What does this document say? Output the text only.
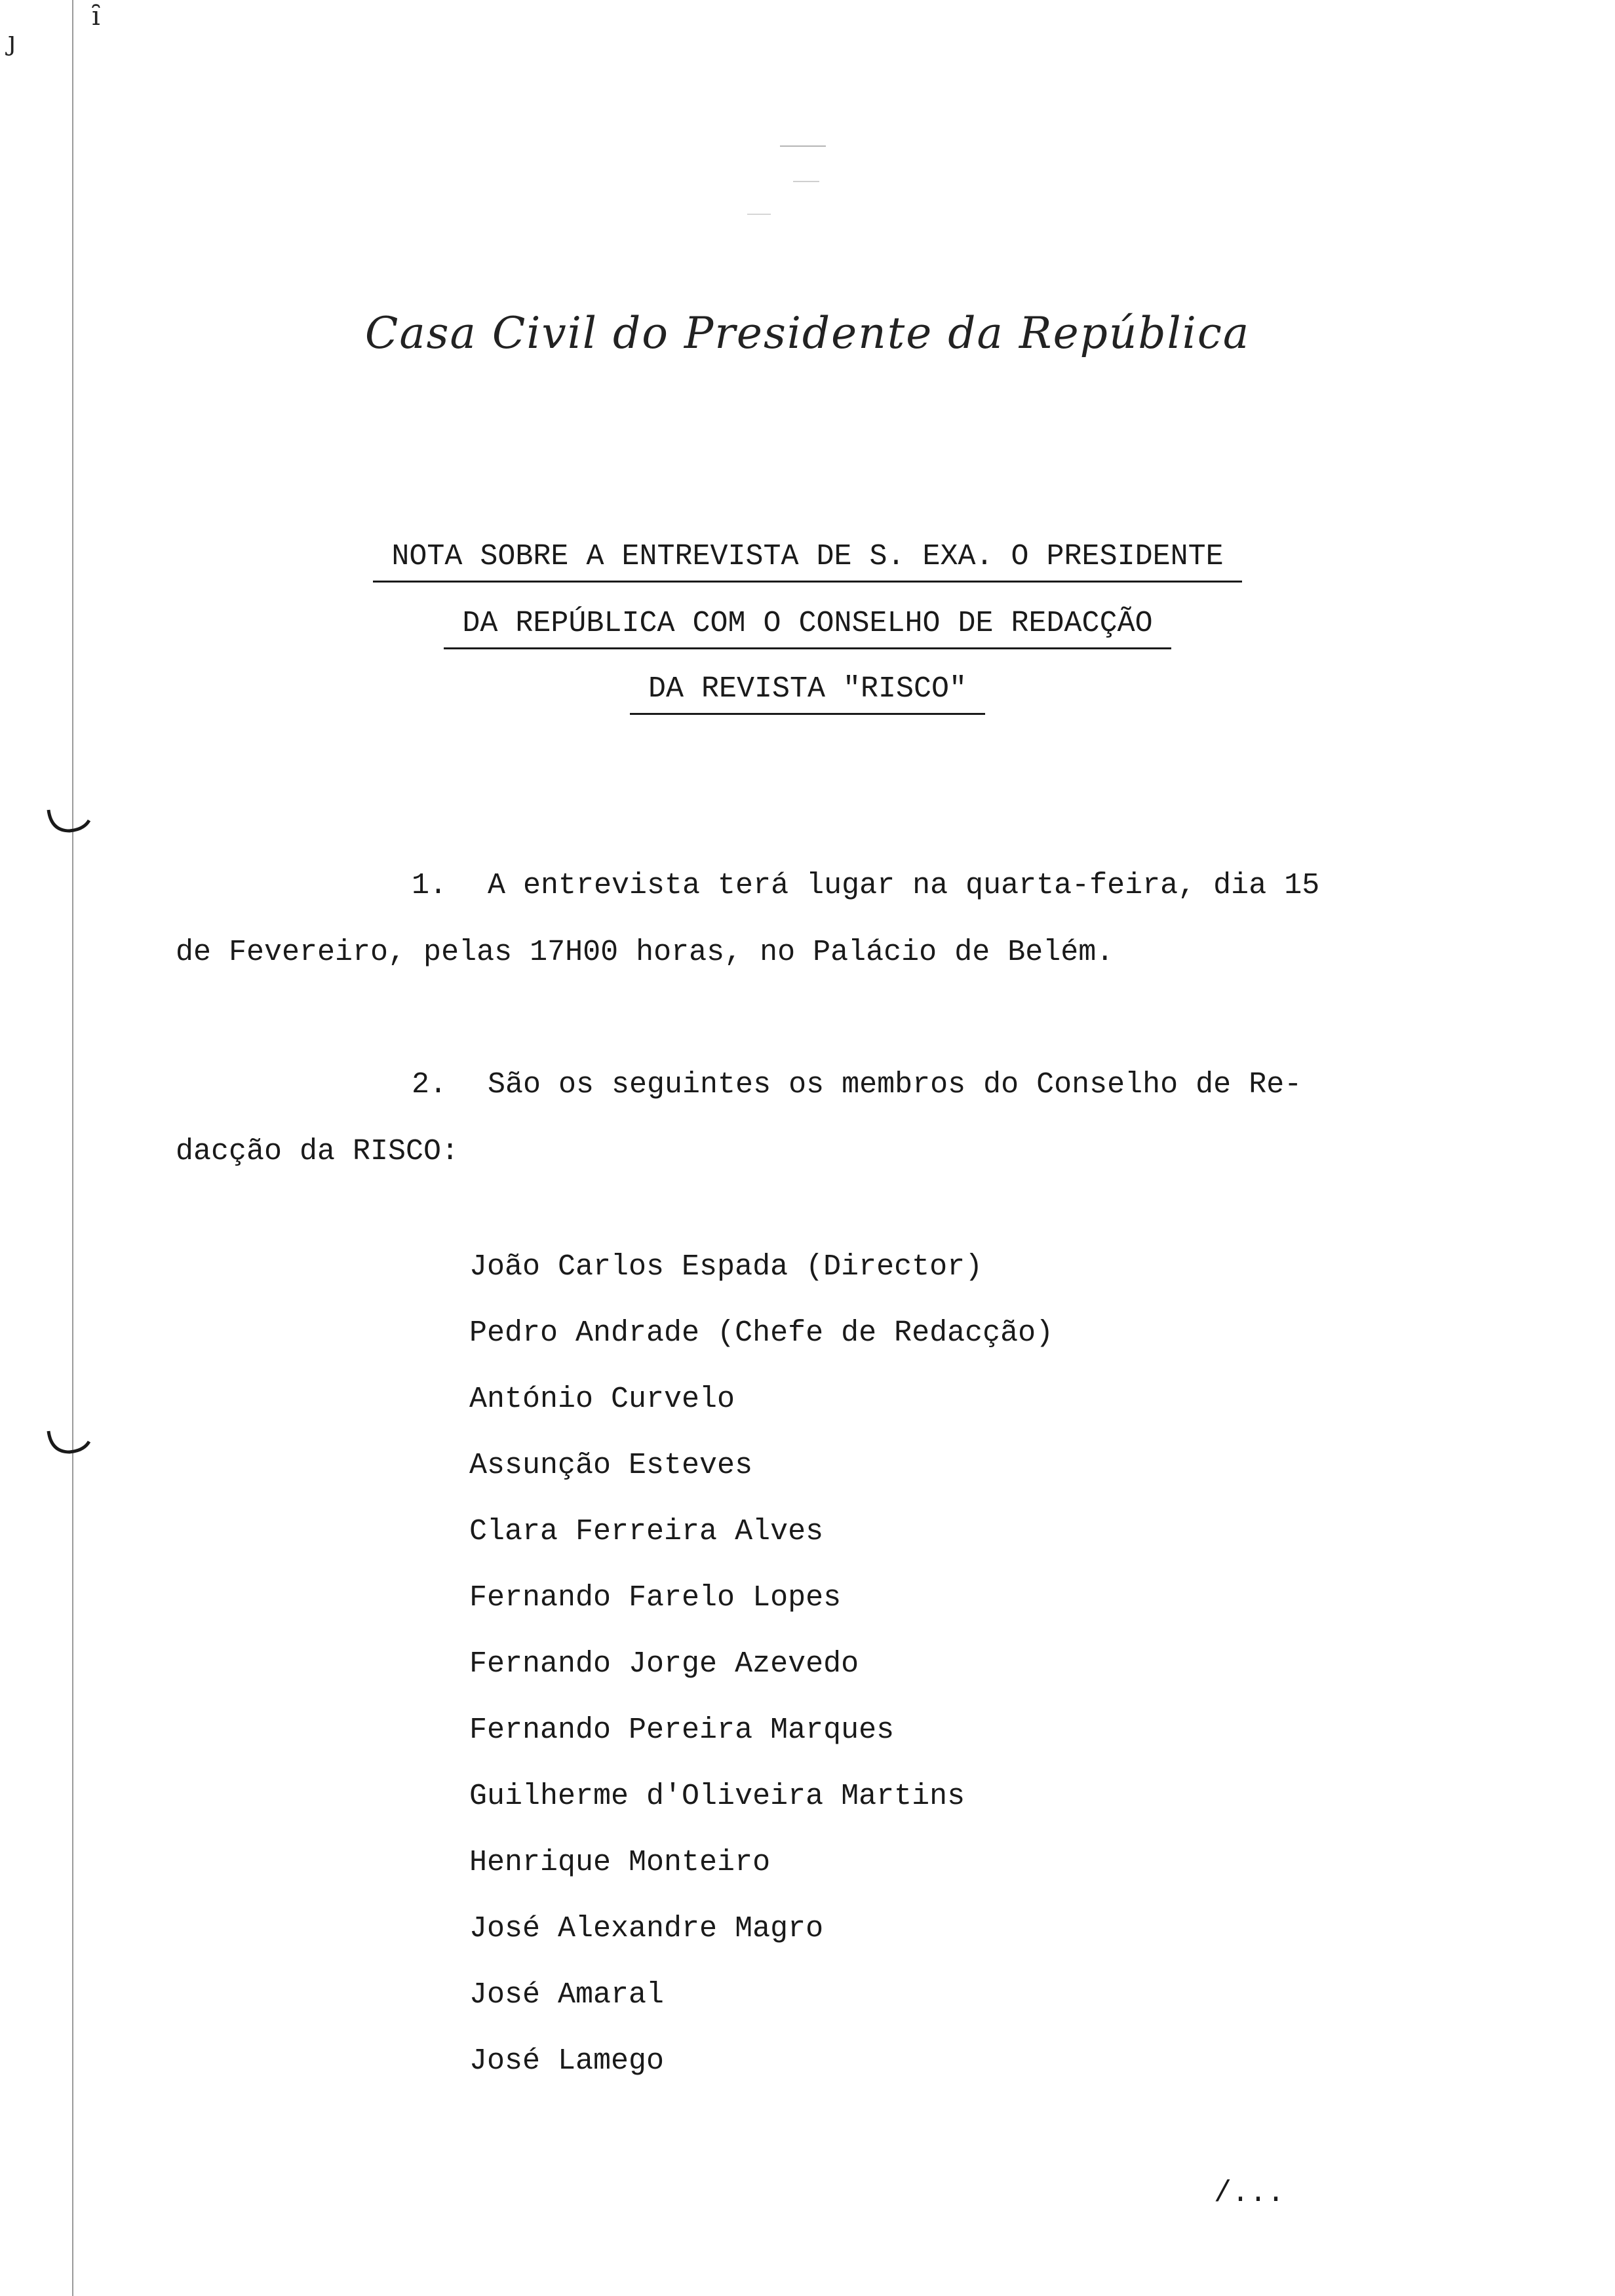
ȷ
ȋ
Casa Civil do Presidente da República
NOTA SOBRE A ENTREVISTA DE S. EXA. O PRESIDENTE
DA REPÚBLICA COM O CONSELHO DE REDACÇÃO
DA REVISTA "RISCO"
1. A entrevista terá lugar na quarta-feira, dia 15
de Fevereiro, pelas 17H00 horas, no Palácio de Belém.
2. São os seguintes os membros do Conselho de Re-
dacção da RISCO:
João Carlos Espada (Director)
Pedro Andrade (Chefe de Redacção)
António Curvelo
Assunção Esteves
Clara Ferreira Alves
Fernando Farelo Lopes
Fernando Jorge Azevedo
Fernando Pereira Marques
Guilherme d'Oliveira Martins
Henrique Monteiro
José Alexandre Magro
José Amaral
José Lamego
/...
